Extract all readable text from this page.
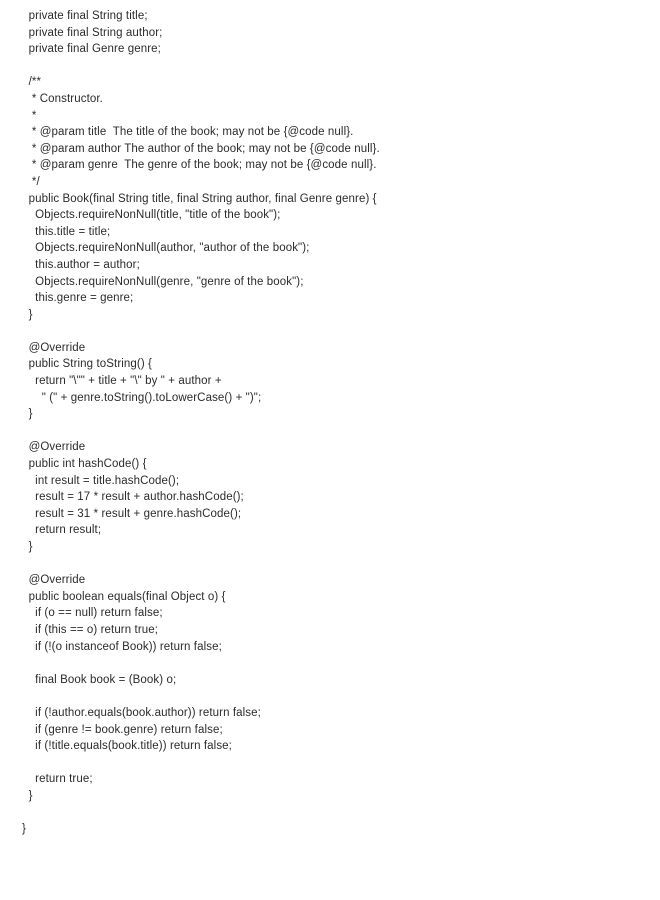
private final String title;
private final String author;
private final Genre genre;
/**
* Constructor.
*
* @param title  The title of the book; may not be {@code null}.
* @param author The author of the book; may not be {@code null}.
* @param genre  The genre of the book; may not be {@code null}.
*/
public Book(final String title, final String author, final Genre genre) {
Objects.requireNonNull(title, "title of the book");
this.title = title;
Objects.requireNonNull(author, "author of the book");
this.author = author;
Objects.requireNonNull(genre, "genre of the book");
this.genre = genre;
}
@Override
public String toString() {
return "\"" + title + "\" by " + author +
" (" + genre.toString().toLowerCase() + ")";
}
@Override
public int hashCode() {
int result = title.hashCode();
result = 17 * result + author.hashCode();
result = 31 * result + genre.hashCode();
return result;
}
@Override
public boolean equals(final Object o) {
if (o == null) return false;
if (this == o) return true;
if (!(o instanceof Book)) return false;
final Book book = (Book) o;
if (!author.equals(book.author)) return false;
if (genre != book.genre) return false;
if (!title.equals(book.title)) return false;
return true;
}
}
